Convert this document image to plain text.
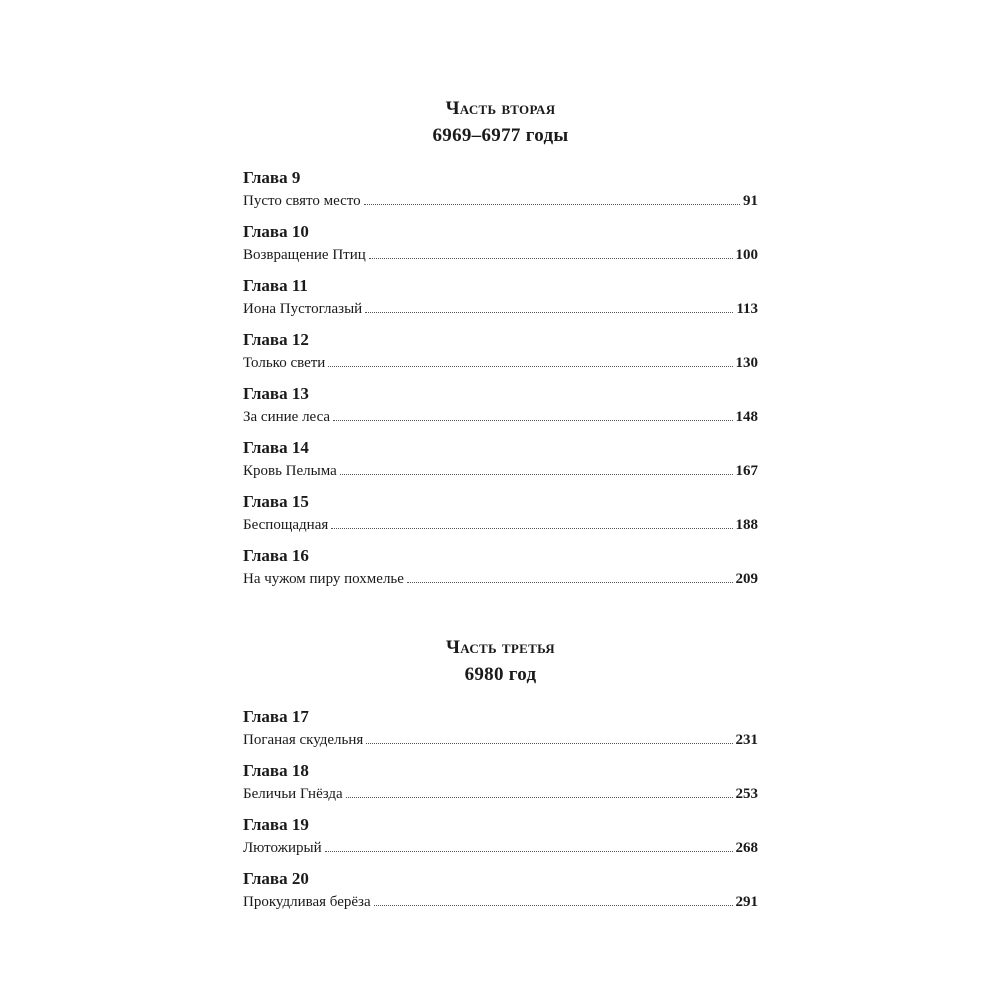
Часть вторая
6969–6977 годы
Глава 9
Пусто свято место	91
Глава 10
Возвращение Птиц	100
Глава 11
Иона Пустоглазый	113
Глава 12
Только свети	130
Глава 13
За синие леса	148
Глава 14
Кровь Пелыма	167
Глава 15
Беспощадная	188
Глава 16
На чужом пиру похмелье	209
Часть третья
6980 год
Глава 17
Поганая скудельня	231
Глава 18
Беличьи Гнёзда	253
Глава 19
Лютожирый	268
Глава 20
Прокудливая берёза	291
